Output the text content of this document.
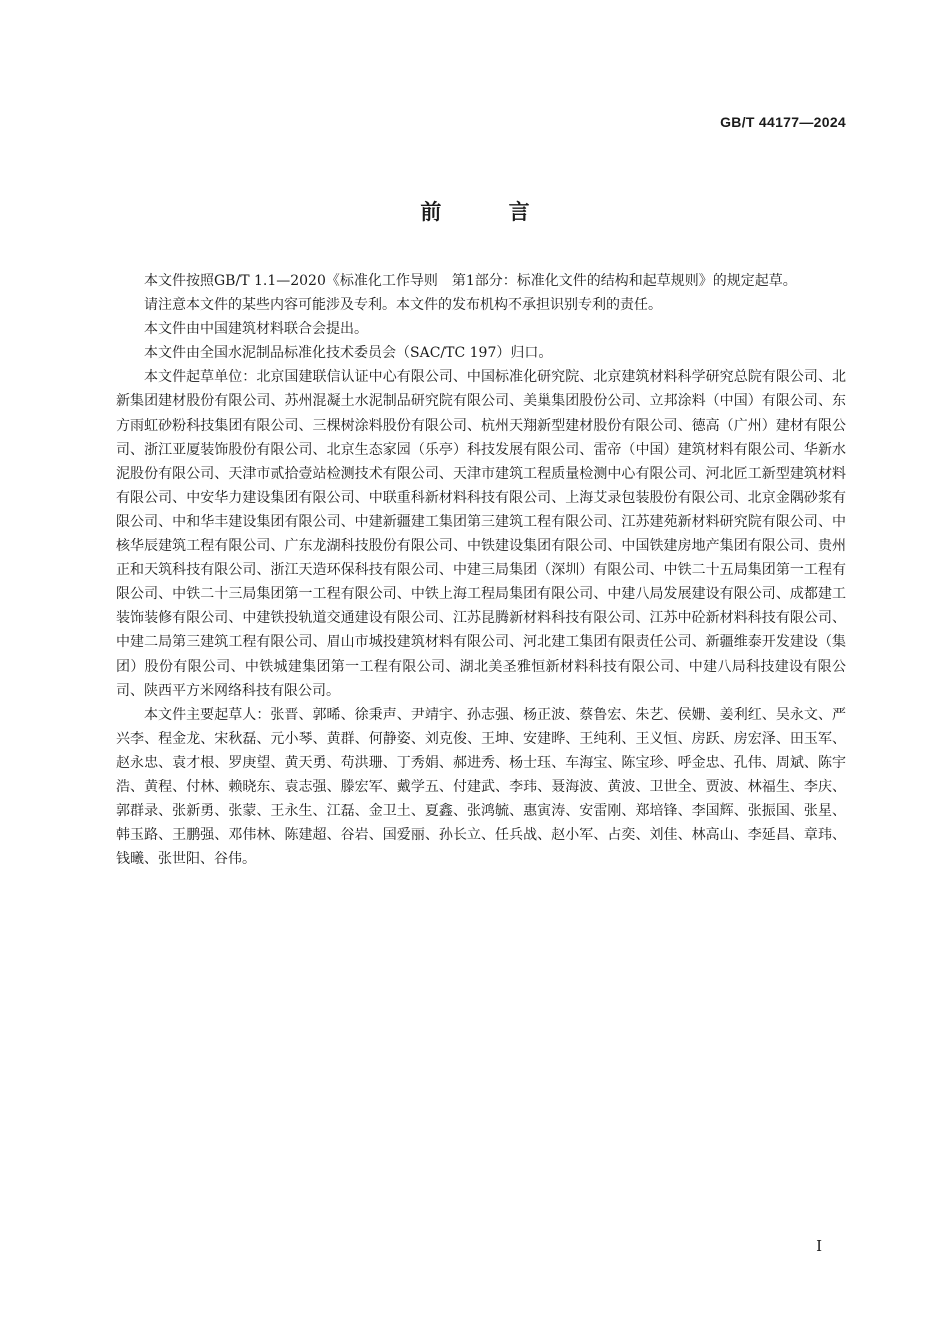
GB/T 44177—2024
前 言

本文件按照GB/T 1.1—2020《标准化工作导则　第1部分：标准化文件的结构和起草规则》的规定起草。

请注意本文件的某些内容可能涉及专利。本文件的发布机构不承担识别专利的责任。

本文件由中国建筑材料联合会提出。

本文件由全国水泥制品标准化技术委员会（SAC/TC 197）归口。

本文件起草单位：北京国建联信认证中心有限公司、中国标准化研究院、北京建筑材料科学研究总院有限公司、北新集团建材股份有限公司、苏州混凝土水泥制品研究院有限公司、美巢集团股份公司、立邦涂料（中国）有限公司、东方雨虹砂粉科技集团有限公司、三棵树涂料股份有限公司、杭州天翔新型建材股份有限公司、德高（广州）建材有限公司、浙江亚厦装饰股份有限公司、北京生态家园（乐亭）科技发展有限公司、雷帝（中国）建筑材料有限公司、华新水泥股份有限公司、天津市贰拾壹站检测技术有限公司、天津市建筑工程质量检测中心有限公司、河北匠工新型建筑材料有限公司、中安华力建设集团有限公司、中联重科新材料科技有限公司、上海艾录包装股份有限公司、北京金隅砂浆有限公司、中和华丰建设集团有限公司、中建新疆建工集团第三建筑工程有限公司、江苏建苑新材料研究院有限公司、中核华辰建筑工程有限公司、广东龙湖科技股份有限公司、中铁建设集团有限公司、中国铁建房地产集团有限公司、贵州正和天筑科技有限公司、浙江天造环保科技有限公司、中建三局集团（深圳）有限公司、中铁二十五局集团第一工程有限公司、中铁二十三局集团第一工程有限公司、中铁上海工程局集团有限公司、中建八局发展建设有限公司、成都建工装饰装修有限公司、中建铁投轨道交通建设有限公司、江苏昆腾新材料科技有限公司、江苏中砼新材料科技有限公司、中建二局第三建筑工程有限公司、眉山市城投建筑材料有限公司、河北建工集团有限责任公司、新疆维泰开发建设（集团）股份有限公司、中铁城建集团第一工程有限公司、湖北美圣雅恒新材料科技有限公司、中建八局科技建设有限公司、陕西平方米网络科技有限公司。

本文件主要起草人：张晋、郭晞、徐秉声、尹靖宇、孙志强、杨正波、蔡鲁宏、朱艺、侯姗、姜利红、吴永文、严兴李、程金龙、宋秋磊、元小琴、黄群、何静姿、刘克俊、王坤、安建晔、王纯利、王义恒、房跃、房宏泽、田玉军、赵永忠、袁才根、罗庚望、黄天勇、苟洪珊、丁秀娟、郝进秀、杨士珏、车海宝、陈宝珍、呼金忠、孔伟、周斌、陈宇浩、黄程、付林、赖晓东、袁志强、滕宏军、戴学五、付建武、李玮、聂海波、黄波、卫世全、贾波、林福生、李庆、郭群录、张新勇、张蒙、王永生、江磊、金卫土、夏鑫、张鸿毓、惠寅涛、安雷刚、郑培锋、李国辉、张振国、张星、韩玉路、王鹏强、邓伟林、陈建超、谷岩、国爱丽、孙长立、任兵战、赵小军、占奕、刘佳、林高山、李延昌、章玮、钱曦、张世阳、谷伟。

I
